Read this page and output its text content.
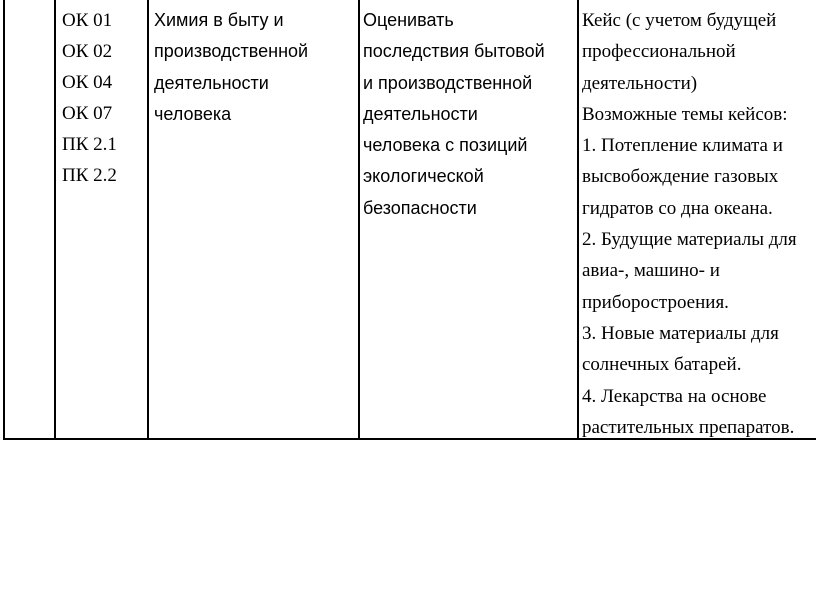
ОК 01
ОК 02
ОК 04
ОК 07
ПК 2.1
ПК 2.2
Химия в быту и
производственной
деятельности
человека
Оценивать
последствия бытовой
и производственной
деятельности
человека с позиций
экологической
безопасности
Кейс (с учетом будущей
профессиональной
деятельности)
Возможные темы кейсов:
1. Потепление климата и
высвобождение газовых
гидратов со дна океана.
2. Будущие материалы для
авиа-, машино- и
приборостроения.
3. Новые материалы для
солнечных батарей.
4. Лекарства на основе
растительных препаратов.
